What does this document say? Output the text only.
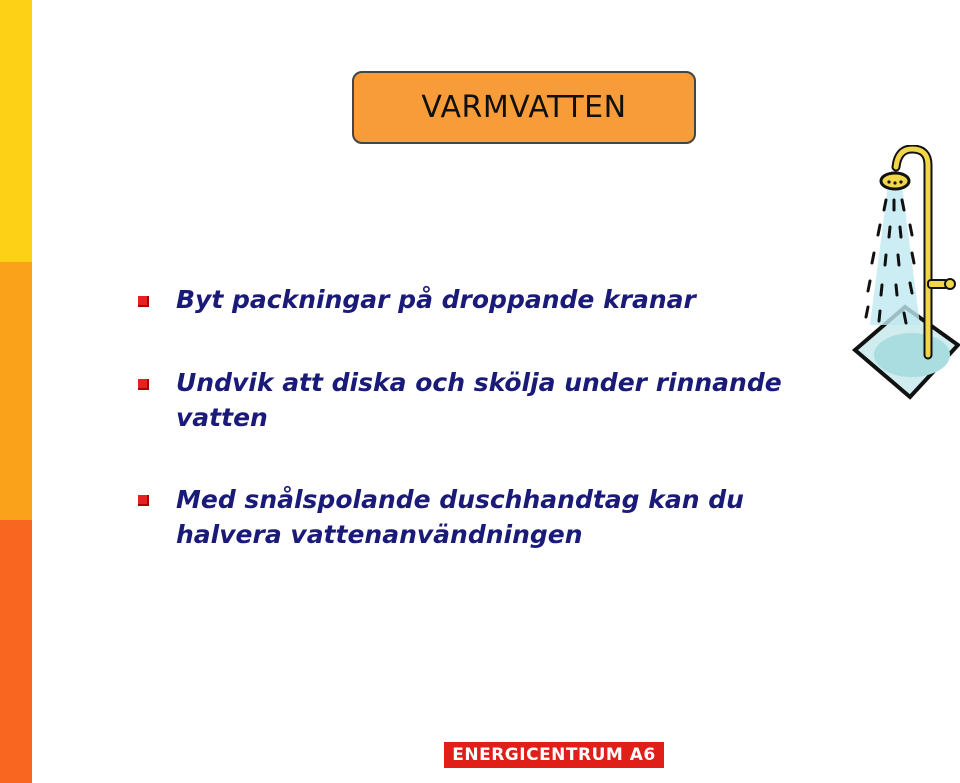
VARMVATTEN
Byt packningar på droppande kranar
Undvik att diska och skölja under rinnande vatten
Med snålspolande duschhandtag kan du halvera vattenanvändningen
ENERGICENTRUM A6
